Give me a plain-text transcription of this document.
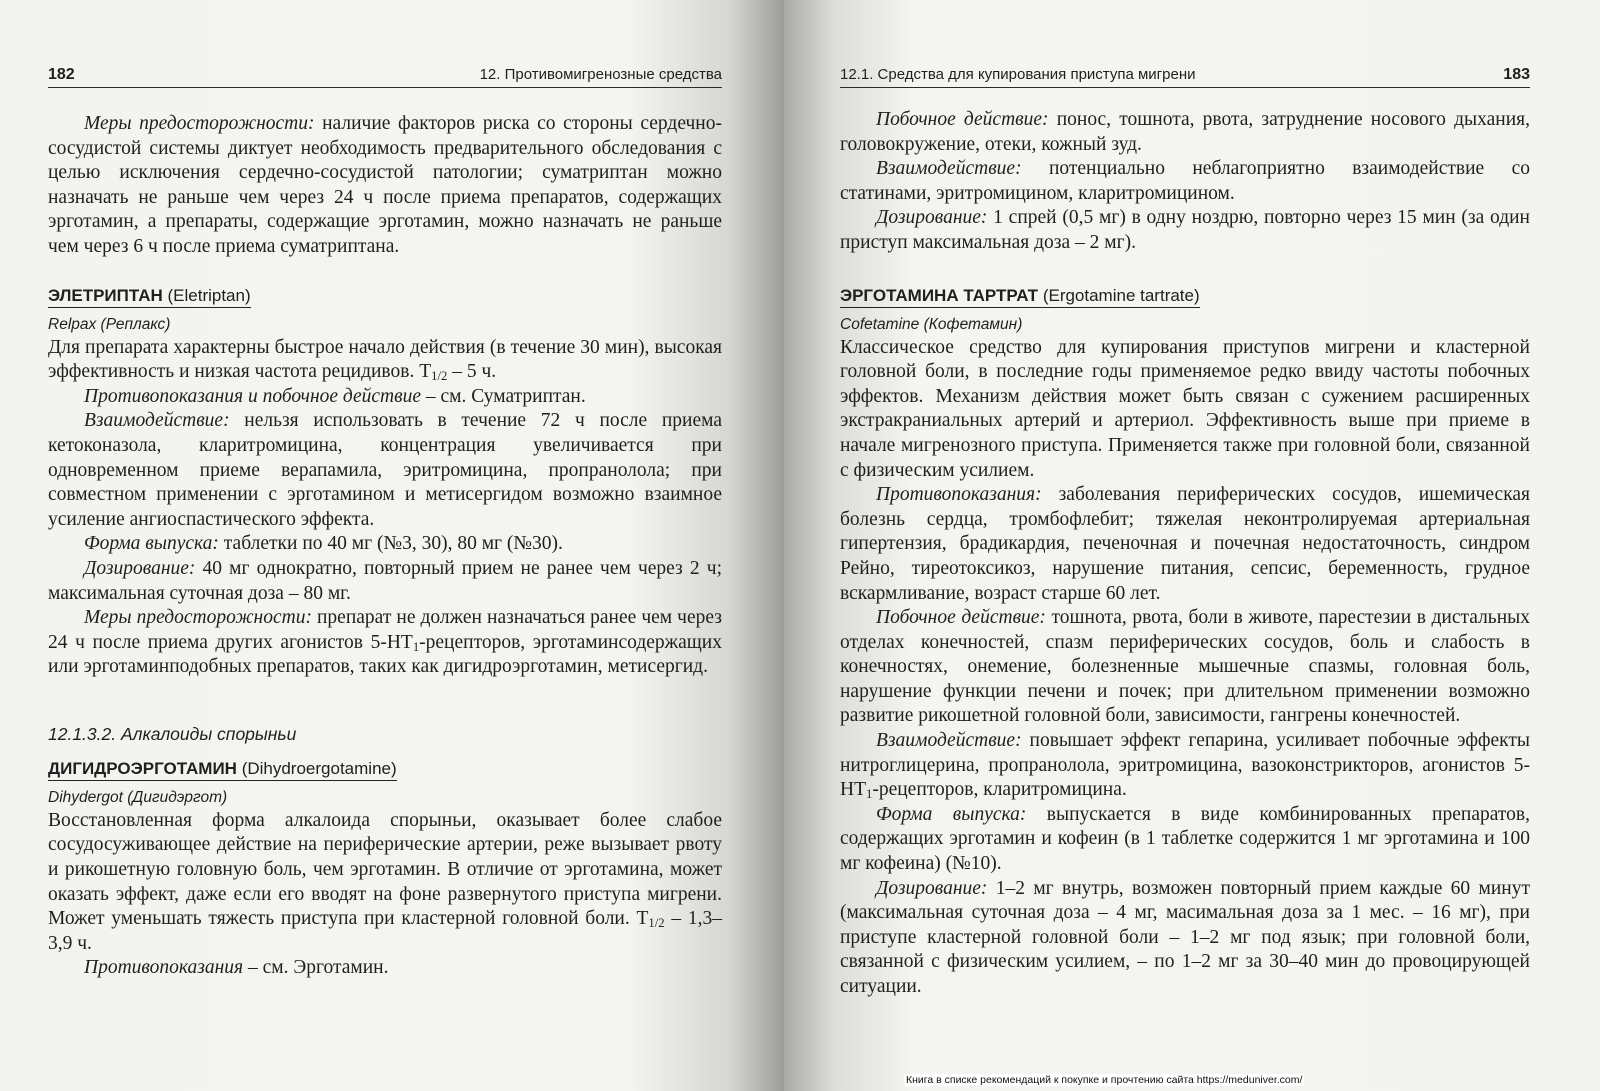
182	12. Противомигренозные средства

Меры предосторожности: наличие факторов риска со стороны сердечно-сосудистой системы диктует необходимость предварительного обследования с целью исключения сердечно-сосудистой патологии; суматриптан можно назначать не раньше чем через 24 ч после приема препаратов, содержащих эрготамин, а препараты, содержащие эрготамин, можно назначать не раньше чем через 6 ч после приема суматриптана.

ЭЛЕТРИПТАН (Eletriptan)

Relpax (Реплакс)

Для препарата характерны быстрое начало действия (в течение 30 мин), высокая эффективность и низкая частота рецидивов. $T_{1/2} - 5$ ч.

Противопоказания и побочное действие – см. Суматриптан.

Взаимодействие: нельзя использовать в течение 72 ч после приема кетоконазола, кларитромицина, концентрация увеличивается при одновременном приеме верапамила, эритромицина, пропранолола; при совместном применении с эрготамином и метисергидом возможно взаимное усиление ангиоспастического эффекта.

Форма выпуска: таблетки по 40 мг (№3, 30), 80 мг (№30).

Дозирование: 40 мг однократно, повторный прием не ранее чем через 2 ч; максимальная суточная доза – 80 мг.

Меры предосторожности: препарат не должен назначаться ранее чем через 24 ч после приема других агонистов $5-HT_1$-рецепторов, эрготаминсодержащих или эрготаминподобных препаратов, таких как дигидроэрготамин, метисергид.

12.1.3.2. Алкалоиды спорыньи
ДИГИДРОЭРГОТАМИН (Dihydroergotamine)

Dihydergot (Дигидэргот)

Восстановленная форма алкалоида спорыньи, оказывает более слабое сосудосуживающее действие на периферические артерии, реже вызывает рвоту и рикошетную головную боль, чем эрготамин. В отличие от эрготамина, может оказать эффект, даже если его вводят на фоне развернутого приступа мигрени. Может уменьшать тяжесть приступа при кластерной головной боли. $T_{1/2} - 1,3-3,9$ ч.

Противопоказания – см. Эрготамин.

12.1. Средства для купирования приступа мигрени	183

Побочное действие: понос, тошнота, рвота, затруднение носового дыхания, головокружение, отеки, кожный зуд.

Взаимодействие: потенциально неблагоприятно взаимодействие со статинами, эритромицином, кларитромицином.

Дозирование: 1 спрей (0,5 мг) в одну ноздрю, повторно через 15 мин (за один приступ максимальная доза – 2 мг).

ЭРГОТАМИНА ТАРТРАТ (Ergotamine tartrate)

Cofetamine (Кофетамин)

Классическое средство для купирования приступов мигрени и кластерной головной боли, в последние годы применяемое редко ввиду частоты побочных эффектов. Механизм действия может быть связан с сужением расширенных экстракраниальных артерий и артериол. Эффективность выше при приеме в начале мигренозного приступа. Применяется также при головной боли, связанной с физическим усилием.

Противопоказания: заболевания периферических сосудов, ишемическая болезнь сердца, тромбофлебит; тяжелая неконтролируемая артериальная гипертензия, брадикардия, печеночная и почечная недостаточность, синдром Рейно, тиреотоксикоз, нарушение питания, сепсис, беременность, грудное вскармливание, возраст старше 60 лет.

Побочное действие: тошнота, рвота, боли в животе, парестезии в дистальных отделах конечностей, спазм периферических сосудов, боль и слабость в конечностях, онемение, болезненные мышечные спазмы, головная боль, нарушение функции печени и почек; при длительном применении возможно развитие рикошетной головной боли, зависимости, гангрены конечностей.

Взаимодействие: повышает эффект гепарина, усиливает побочные эффекты нитроглицерина, пропранолола, эритромицина, вазоконстрикторов, агонистов $5-HT_1$-рецепторов, кларитромицина.

Форма выпуска: выпускается в виде комбинированных препаратов, содержащих эрготамин и кофеин (в 1 таблетке содержится 1 мг эрготамина и 100 мг кофеина) (№10).

Дозирование: 1–2 мг внутрь, возможен повторный прием каждые 60 минут (максимальная суточная доза – 4 мг, масимальная доза за 1 мес. – 16 мг), при приступе кластерной головной боли – 1–2 мг под язык; при головной боли, связанной с физическим усилием, – по 1–2 мг за 30–40 мин до провоцирующей ситуации.

Книга в списке рекомендаций к покупке и прочтению сайта https://meduniver.com/
